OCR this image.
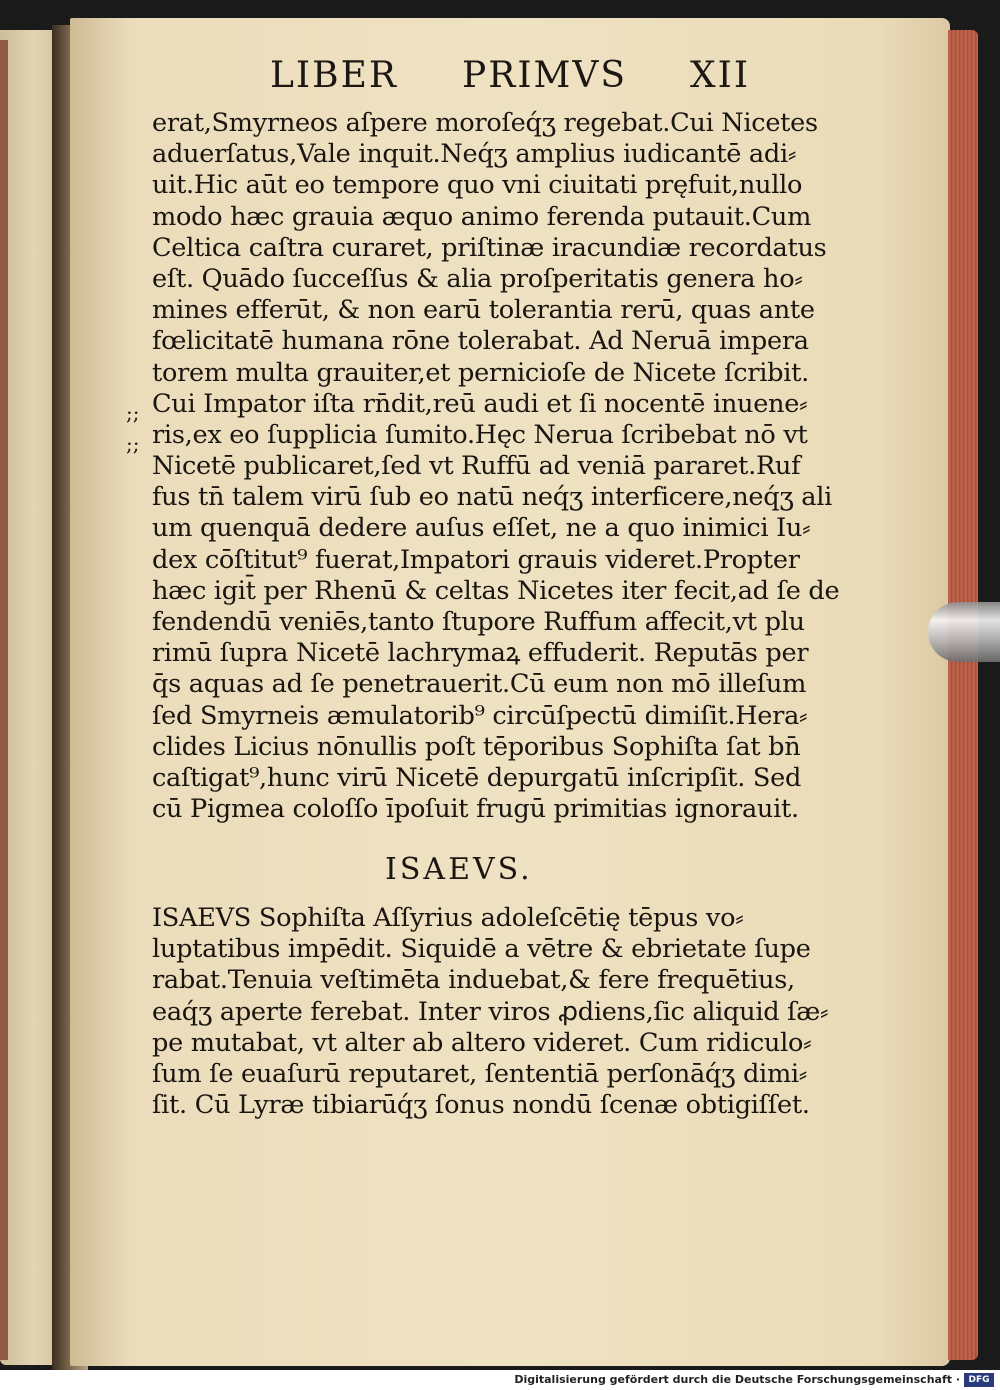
LIBER PRIMVS XII
;;
;;
erat,Smyrneos aſpere moroſeq́ʒ regebat.Cui Nicetes
aduerſatus,Vale inquit.Neq́ʒ amplius iudicantē adi⸗
uit.Hic aūt eo tempore quo vni ciuitati pręfuit,nullo
modo hæc grauia æquo animo ferenda putauit.Cum
Celtica caſtra curaret, priſtinæ iracundiæ recordatus
eſt. Quādo ſucceſſus & alia proſperitatis genera ho⸗
mines efferūt, & non earū tolerantia rerū, quas ante
fœlicitatē humana rōne tolerabat. Ad Neruā impera
torem multa grauiter,et pernicioſe de Nicete ſcribit.
Cui Impator iſta rn̄dit,reū audi et ſi nocentē inuene⸗
ris,ex eo ſupplicia ſumito.Hęc Nerua ſcribebat nō vt
Nicetē publicaret,ſed vt Ruffū ad veniā pararet.Ruf
fus tn̄ talem virū ſub eo natū neq́ʒ interficere,neq́ʒ ali
um quenquā dedere auſus eſſet, ne a quo inimici Iu⸗
dex cōſtitut⁹ fuerat,Impatori grauis videret.Propter
hæc igit̄ per Rhenū & celtas Nicetes iter fecit,ad ſe de
fendendū veniēs,tanto ſtupore Ruffum affecit,vt plu
rimū ſupra Nicetē lachrymaꝝ effuderit. Reputās per
q̄s aquas ad ſe penetrauerit.Cū eum non mō illeſum
ſed Smyrneis æmulatorib⁹ circūſpectū dimiſit.Hera⸗
clides Licius nōnullis poſt tēporibus Sophiſta ſat bn̄
caſtigat⁹,hunc virū Nicetē depurgatū inſcripſit. Sed
cū Pigmea coloſſo īpoſuit frugū primitias ignorauit.
ISAEVS.
ISAEVS Sophiſta Aſſyrius adoleſcētię tēpus vo⸗
luptatibus impēdit. Siquidē a vētre & ebrietate ſupe
rabat.Tenuia veſtimēta induebat,& fere frequētius,
eaq́ʒ aperte ferebat. Inter viros ꝓdiens,ſic aliquid ſæ⸗
pe mutabat, vt alter ab altero videret. Cum ridiculo⸗
ſum ſe euaſurū reputaret, ſententiā perſonāq́ʒ dimi⸗
ſit. Cū Lyræ tibiarūq́ʒ ſonus nondū ſcenæ obtigiſſet.
Digitalisierung gefördert durch die Deutsche Forschungsgemeinschaft · DFG
